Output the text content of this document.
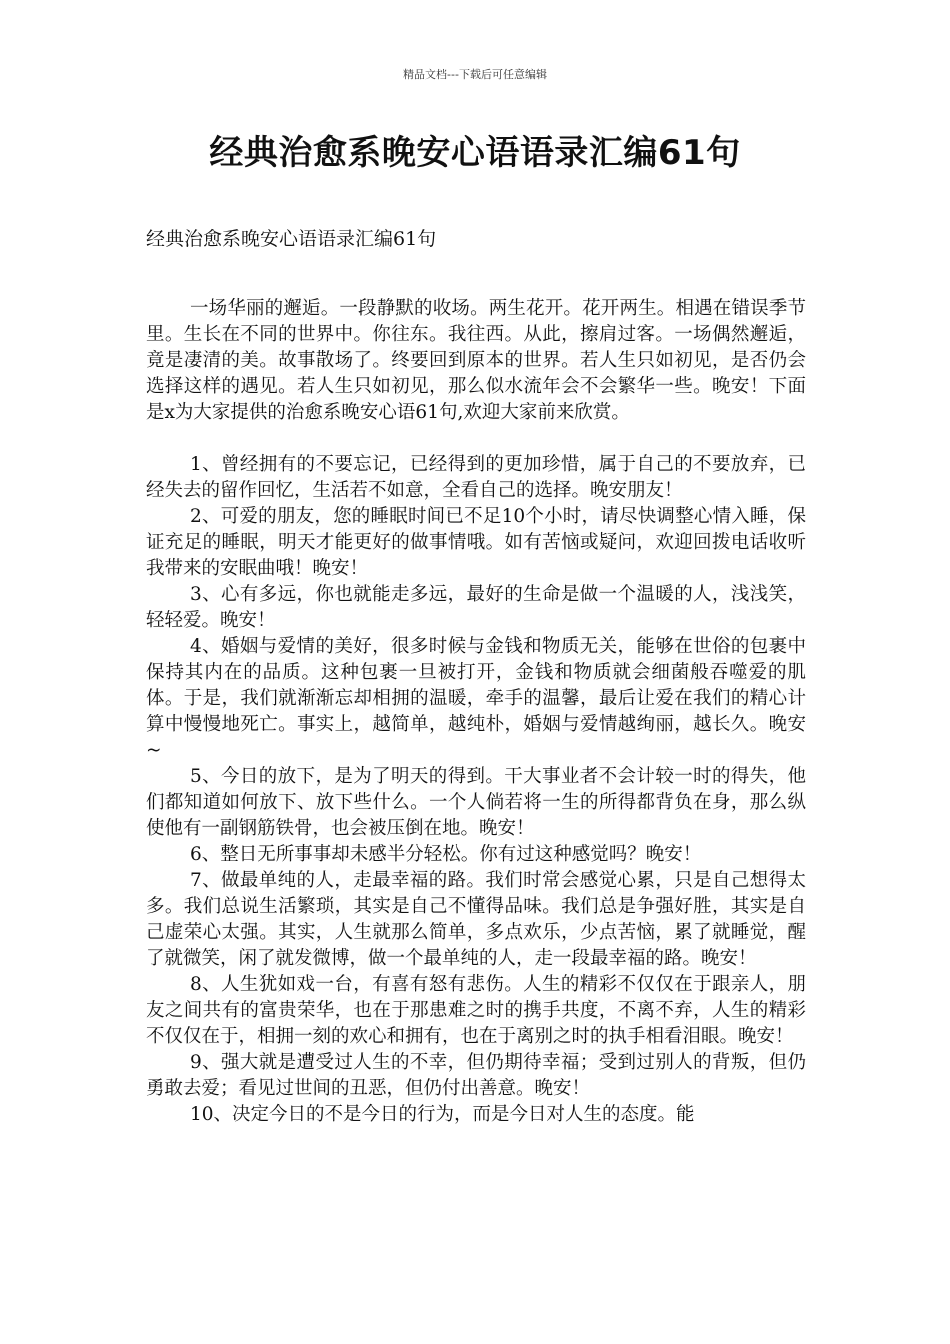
精品文档---下载后可任意编辑
经典治愈系晚安心语语录汇编61句
经典治愈系晚安心语语录汇编61句

一场华丽的邂逅。一段静默的收场。两生花开。花开两生。相遇在错误季节里。生长在不同的世界中。你往东。我往西。从此，擦肩过客。一场偶然邂逅，竟是凄清的美。故事散场了。终要回到原本的世界。若人生只如初见，是否仍会选择这样的遇见。若人生只如初见，那么似水流年会不会繁华一些。晚安！下面是x为大家提供的治愈系晚安心语61句,欢迎大家前来欣赏。

1、曾经拥有的不要忘记，已经得到的更加珍惜，属于自己的不要放弃，已经失去的留作回忆，生活若不如意，全看自己的选择。晚安朋友！

2、可爱的朋友，您的睡眠时间已不足10个小时，请尽快调整心情入睡，保证充足的睡眠，明天才能更好的做事情哦。如有苦恼或疑问，欢迎回拨电话收听我带来的安眠曲哦！晚安！

3、心有多远，你也就能走多远，最好的生命是做一个温暖的人，浅浅笑，轻轻爱。晚安！

4、婚姻与爱情的美好，很多时候与金钱和物质无关，能够在世俗的包裹中保持其内在的品质。这种包裹一旦被打开，金钱和物质就会细菌般吞噬爱的肌体。于是，我们就渐渐忘却相拥的温暖，牵手的温馨，最后让爱在我们的精心计算中慢慢地死亡。事实上，越简单，越纯朴，婚姻与爱情越绚丽，越长久。晚安~

5、今日的放下，是为了明天的得到。干大事业者不会计较一时的得失，他们都知道如何放下、放下些什么。一个人倘若将一生的所得都背负在身，那么纵使他有一副钢筋铁骨，也会被压倒在地。晚安！

6、整日无所事事却未感半分轻松。你有过这种感觉吗？晚安！

7、做最单纯的人，走最幸福的路。我们时常会感觉心累，只是自己想得太多。我们总说生活繁琐，其实是自己不懂得品味。我们总是争强好胜，其实是自己虚荣心太强。其实，人生就那么简单，多点欢乐，少点苦恼，累了就睡觉，醒了就微笑，闲了就发微博，做一个最单纯的人，走一段最幸福的路。晚安！

8、人生犹如戏一台，有喜有怒有悲伤。人生的精彩不仅仅在于跟亲人，朋友之间共有的富贵荣华，也在于那患难之时的携手共度，不离不弃，人生的精彩不仅仅在于，相拥一刻的欢心和拥有，也在于离别之时的执手相看泪眼。晚安！

9、强大就是遭受过人生的不幸，但仍期待幸福；受到过别人的背叛，但仍勇敢去爱；看见过世间的丑恶，但仍付出善意。晚安！

10、决定今日的不是今日的行为，而是今日对人生的态度。能
